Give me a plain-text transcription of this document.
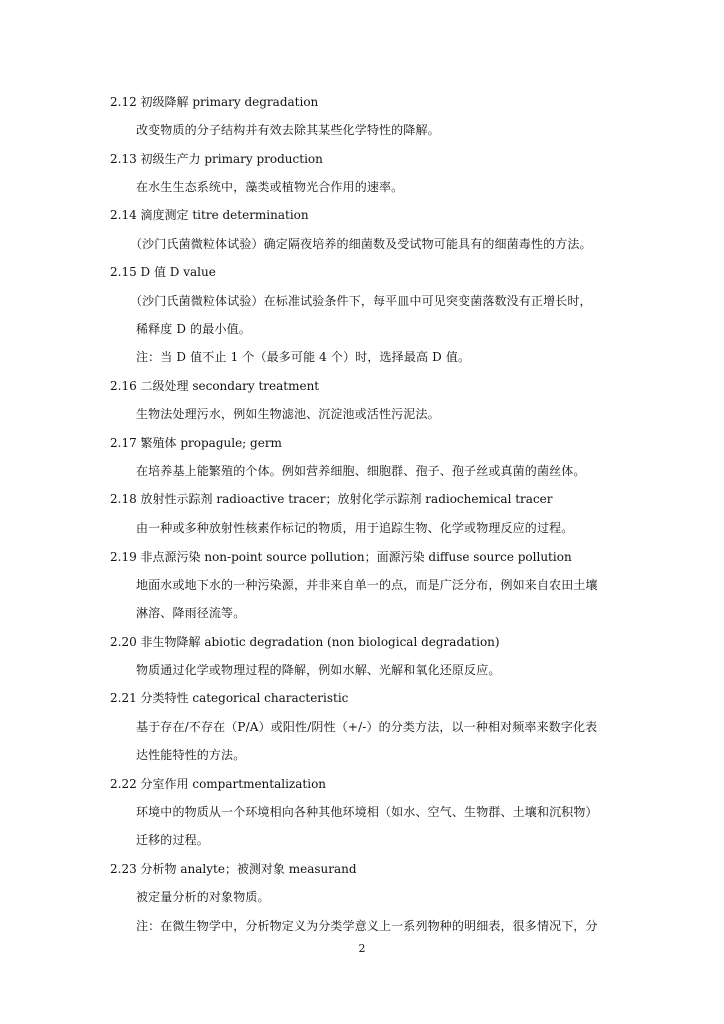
2.12 初级降解 primary degradation
改变物质的分子结构并有效去除其某些化学特性的降解。
2.13 初级生产力 primary production
在水生生态系统中，藻类或植物光合作用的速率。
2.14 滴度测定 titre determination
（沙门氏菌微粒体试验）确定隔夜培养的细菌数及受试物可能具有的细菌毒性的方法。
2.15 D 值 D value
（沙门氏菌微粒体试验）在标准试验条件下，每平皿中可见突变菌落数没有正增长时，
稀释度 D 的最小值。
注：当 D 值不止 1 个（最多可能 4 个）时，选择最高 D 值。
2.16 二级处理 secondary treatment
生物法处理污水，例如生物滤池、沉淀池或活性污泥法。
2.17 繁殖体 propagule; germ
在培养基上能繁殖的个体。例如营养细胞、细胞群、孢子、孢子丝或真菌的菌丝体。
2.18 放射性示踪剂 radioactive tracer；放射化学示踪剂 radiochemical tracer
由一种或多种放射性核素作标记的物质，用于追踪生物、化学或物理反应的过程。
2.19 非点源污染 non-point source pollution；面源污染 diffuse source pollution
地面水或地下水的一种污染源，并非来自单一的点，而是广泛分布，例如来自农田土壤
淋溶、降雨径流等。
2.20 非生物降解 abiotic degradation (non biological degradation)
物质通过化学或物理过程的降解，例如水解、光解和氧化还原反应。
2.21 分类特性 categorical characteristic
基于存在/不存在（P/A）或阳性/阴性（+/-）的分类方法，以一种相对频率来数字化表
达性能特性的方法。
2.22 分室作用 compartmentalization
环境中的物质从一个环境相向各种其他环境相（如水、空气、生物群、土壤和沉积物）
迁移的过程。
2.23 分析物 analyte；被测对象 measurand
被定量分析的对象物质。
注：在微生物学中，分析物定义为分类学意义上一系列物种的明细表，很多情况下，分
2
